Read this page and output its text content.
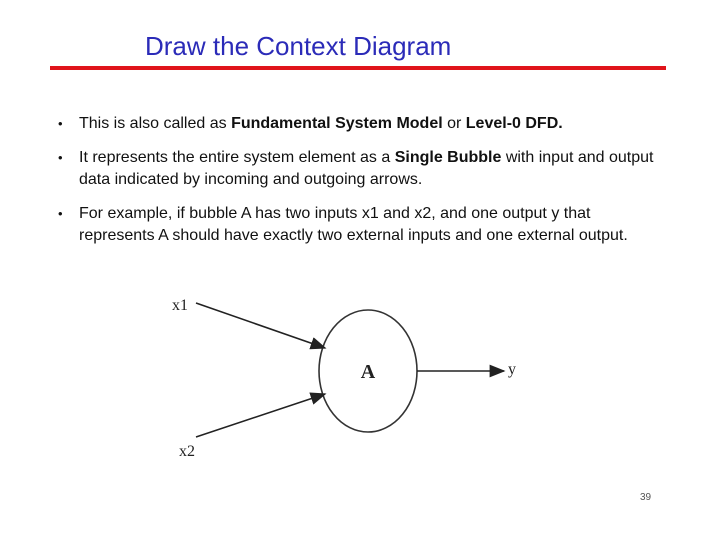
Draw the Context Diagram
• This is also called as Fundamental System Model or Level-0 DFD.
• It represents the entire system element as a Single Bubble with input and output data indicated by incoming and outgoing arrows.
• For example, if bubble A has two inputs x1 and x2, and one output y that represents A should have exactly two external inputs and one external output.
A
x1
x2
y
39
